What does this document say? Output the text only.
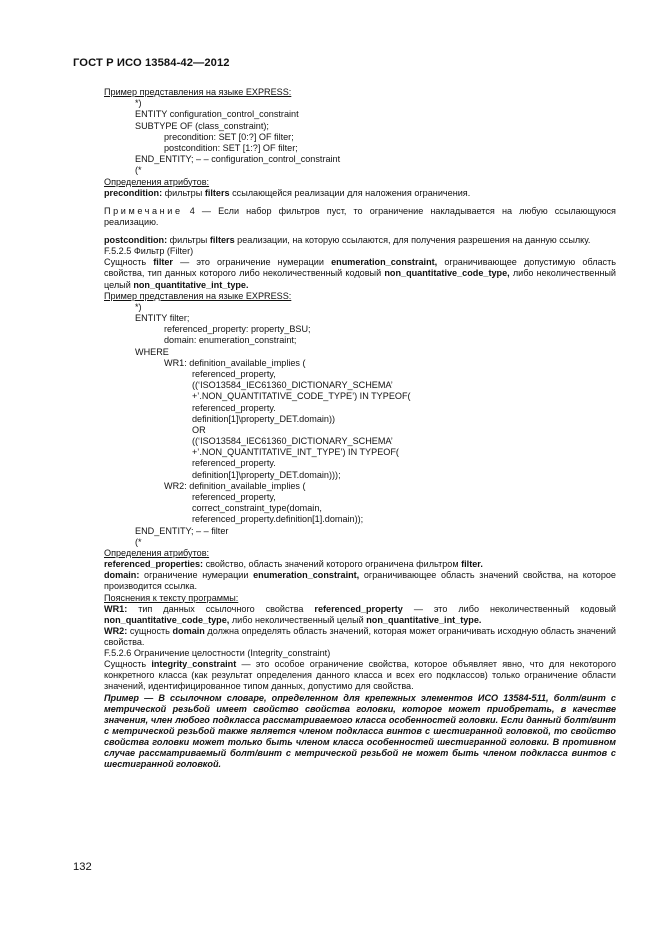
ГОСТ Р ИСО 13584-42—2012
Пример представления на языке EXPRESS:
*)
ENTITY configuration_control_constraint
SUBTYPE OF (class_constraint);
precondition: SET [0:?] OF filter;
postcondition: SET [1:?] OF filter;
END_ENTITY; – – configuration_control_constraint
(*
Определения атрибутов:
precondition: фильтры filters ссылающейся реализации для наложения ограничения.
Примечание 4 — Если набор фильтров пуст, то ограничение накладывается на любую ссылающуюся реализацию.
postcondition: фильтры filters реализации, на которую ссылаются, для получения разрешения на данную ссылку.
F.5.2.5 Фильтр (Filter)
Сущность filter — это ограничение нумерации enumeration_constraint, ограничивающее допустимую область свойства, тип данных которого либо неколичественный кодовый non_quantitative_code_type, либо неколичественный целый non_quantitative_int_type.
Пример представления на языке EXPRESS:
*)
ENTITY filter;
referenced_property: property_BSU;
domain: enumeration_constraint;
WHERE
WR1: definition_available_implies (
referenced_property,
((‘ISO13584_IEC61360_DICTIONARY_SCHEMA’
+’.NON_QUANTITATIVE_CODE_TYPE’) IN TYPEOF(
referenced_property.
definition[1]\property_DET.domain))
OR
((‘ISO13584_IEC61360_DICTIONARY_SCHEMA’
+’.NON_QUANTITATIVE_INT_TYPE’) IN TYPEOF(
referenced_property.
definition[1]\property_DET.domain)));
WR2: definition_available_implies (
referenced_property,
correct_constraint_type(domain,
referenced_property.definition[1].domain));
END_ENTITY; – – filter
(*
Определения атрибутов:
referenced_properties: свойство, область значений которого ограничена фильтром filter.
domain: ограничение нумерации enumeration_constraint, ограничивающее область значений свойства, на которое производится ссылка.
Пояснения к тексту программы:
WR1: тип данных ссылочного свойства referenced_property — это либо неколичественный кодовый non_quantitative_code_type, либо неколичественный целый non_quantitative_int_type.
WR2: сущность domain должна определять область значений, которая может ограничивать исходную область значений свойства.
F.5.2.6 Ограничение целостности (Integrity_constraint)
Сущность integrity_constraint — это особое ограничение свойства, которое объявляет явно, что для некоторого конкретного класса (как результат определения данного класса и всех его подклассов) только ограничение области значений, идентифицированное типом данных, допустимо для свойства.
Пример — В ссылочном словаре, определенном для крепежных элементов ИСО 13584-511, болт/винт с метрической резьбой имеет свойство свойства головки, которое может приобретать, в качестве значения, член любого подкласса рассматриваемого класса особенностей головки. Если данный болт/винт с метрической резьбой также является членом подкласса винтов с шестигранной головкой, то свойство свойства головки может только быть членом класса особенностей шестигранной головки. В противном случае рассматриваемый болт/винт с метрической резьбой не может быть членом подкласса винтов с шестигранной головкой.
132
